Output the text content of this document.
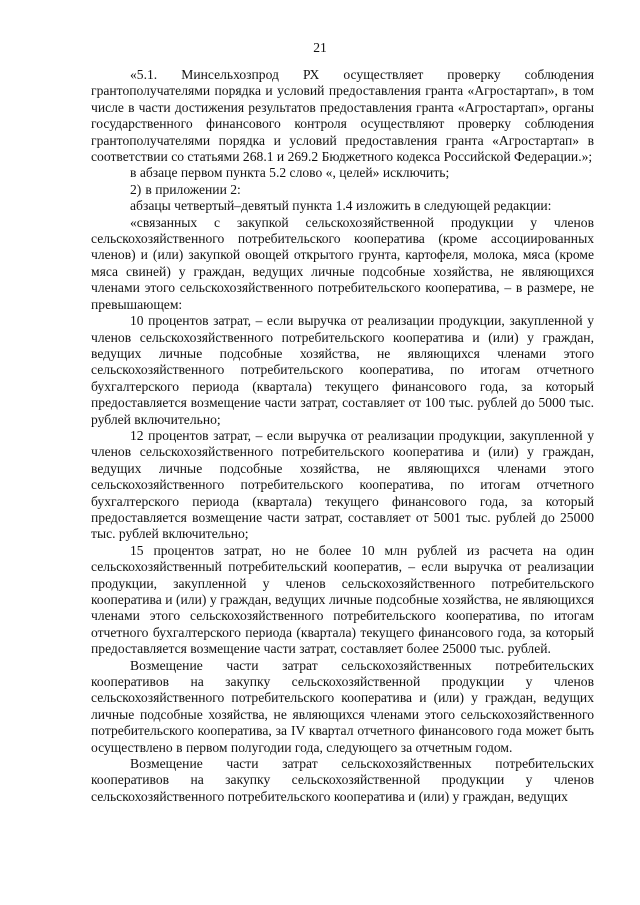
21

«5.1. Минсельхозпрод РХ осуществляет проверку соблюдения грантополучателями порядка и условий предоставления гранта «Агростартап», в том числе в части достижения результатов предоставления гранта «Агростартап», органы государственного финансового контроля осуществляют проверку соблюдения грантополучателями порядка и условий предоставления гранта «Агростартап» в соответствии со статьями 268.1 и 269.2 Бюджетного кодекса Российской Федерации.»;

в абзаце первом пункта 5.2 слово «, целей» исключить;

2)	в приложении 2:

абзацы четвертый–девятый пункта 1.4 изложить в следующей редакции:

«связанных с закупкой сельскохозяйственной продукции у членов сельскохозяйственного потребительского кооператива (кроме ассоциированных членов) и (или) закупкой овощей открытого грунта, картофеля, молока, мяса (кроме мяса свиней) у граждан, ведущих личные подсобные хозяйства, не являющихся членами этого сельскохозяйственного потребительского кооператива, – в размере, не превышающем:

10 процентов затрат, – если выручка от реализации продукции, закупленной у членов сельскохозяйственного потребительского кооператива и (или) у граждан, ведущих личные подсобные хозяйства, не являющихся членами этого сельскохозяйственного потребительского кооператива, по итогам отчетного бухгалтерского периода (квартала) текущего финансового года, за который предоставляется возмещение части затрат, составляет от 100 тыс. рублей до 5000 тыс. рублей включительно;

12 процентов затрат, – если выручка от реализации продукции, закупленной у членов сельскохозяйственного потребительского кооператива и (или) у граждан, ведущих личные подсобные хозяйства, не являющихся членами этого сельскохозяйственного потребительского кооператива, по итогам отчетного бухгалтерского периода (квартала) текущего финансового года, за который предоставляется возмещение части затрат, составляет от 5001 тыс. рублей до 25000 тыс. рублей включительно;

15 процентов затрат, но не более 10 млн рублей из расчета на один сельскохозяйственный потребительский кооператив, – если выручка от реализации продукции, закупленной у членов сельскохозяйственного потребительского кооператива и (или) у граждан, ведущих личные подсобные хозяйства, не являющихся членами этого сельскохозяйственного потребительского кооператива, по итогам отчетного бухгалтерского периода (квартала) текущего финансового года, за который предоставляется возмещение части затрат, составляет более 25000 тыс. рублей.

Возмещение части затрат сельскохозяйственных потребительских кооперативов на закупку сельскохозяйственной продукции у членов сельскохозяйственного потребительского кооператива и (или) у граждан, ведущих личные подсобные хозяйства, не являющихся членами этого сельскохозяйственного потребительского кооператива, за IV квартал отчетного финансового года может быть осуществлено в первом полугодии года, следующего за отчетным годом.

Возмещение части затрат сельскохозяйственных потребительских кооперативов на закупку сельскохозяйственной продукции у членов сельскохозяйственного потребительского кооператива и (или) у граждан, ведущих
